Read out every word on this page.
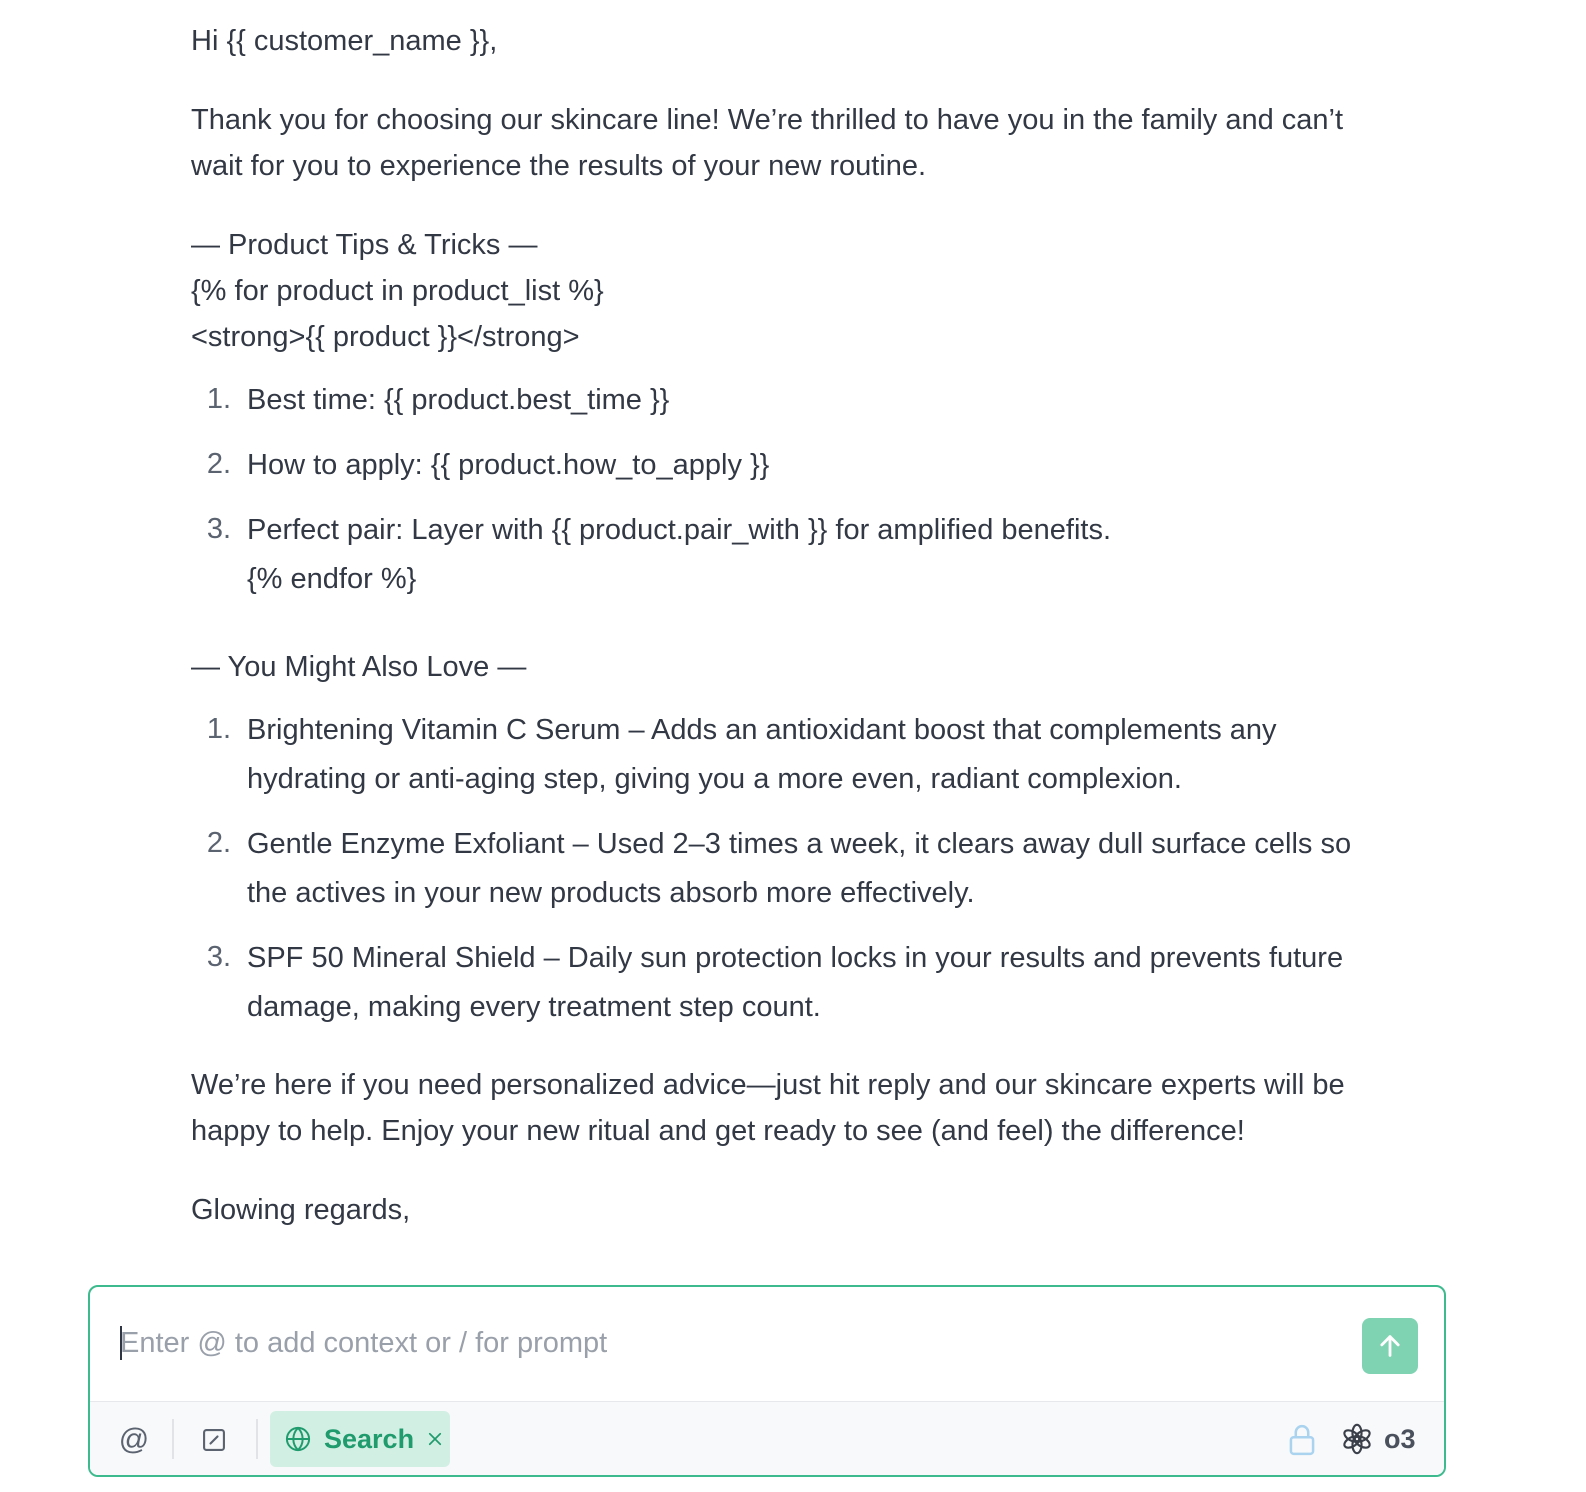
Hi {{ customer_name }},

Thank you for choosing our skincare line! We’re thrilled to have you in the family and can’t wait for you to experience the results of your new routine.

— Product Tips & Tricks —

{% for product in product_list %}

<strong>{{ product }}</strong>

1. Best time: {{ product.best_time }}
2. How to apply: {{ product.how_to_apply }}
3. Perfect pair: Layer with {{ product.pair_with }} for amplified benefits.
{% endfor %}

— You Might Also Love —

1. Brightening Vitamin C Serum – Adds an antioxidant boost that complements any hydrating or anti-aging step, giving you a more even, radiant complexion.
2. Gentle Enzyme Exfoliant – Used 2–3 times a week, it clears away dull surface cells so the actives in your new products absorb more effectively.
3. SPF 50 Mineral Shield – Daily sun protection locks in your results and prevents future damage, making every treatment step count.

We’re here if you need personalized advice—just hit reply and our skincare experts will be happy to help. Enjoy your new ritual and get ready to see (and feel) the difference!

Glowing regards,

Enter @ to add context or / for prompt
@	Search	o3
